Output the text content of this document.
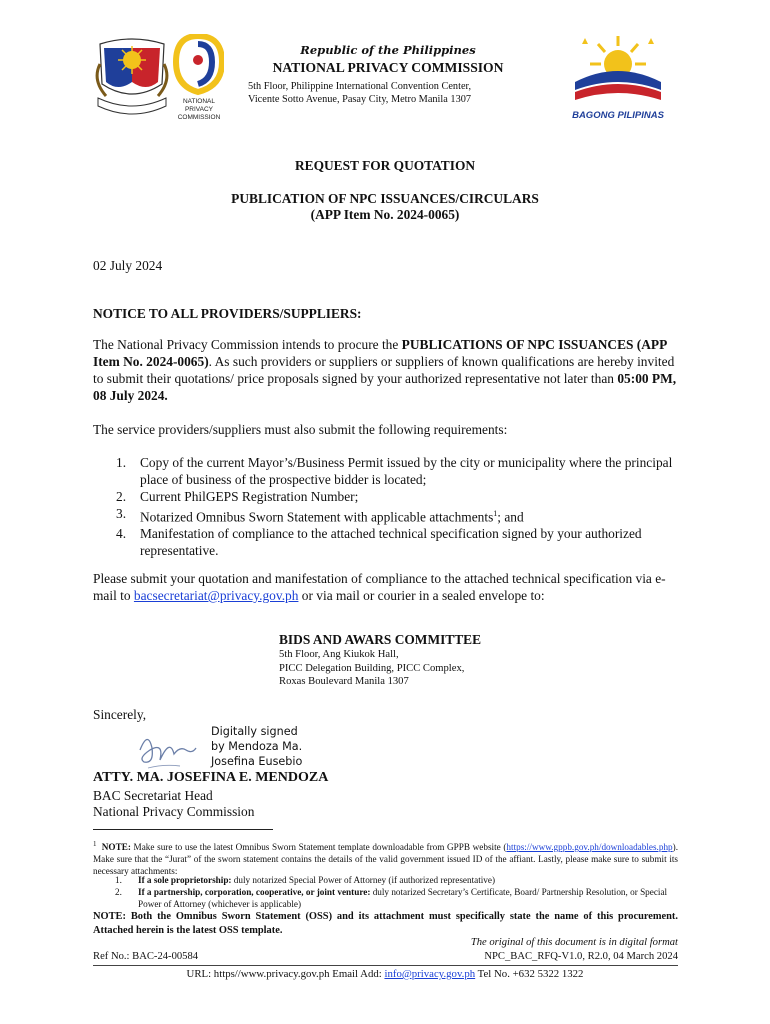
NATIONAL
PRIVACY
COMMISSION
Republic of the Philippines
NATIONAL PRIVACY COMMISSION
5th Floor, Philippine International Convention Center,
Vicente Sotto Avenue, Pasay City, Metro Manila 1307
BAGONG PILIPINAS
REQUEST FOR QUOTATION
PUBLICATION OF NPC ISSUANCES/CIRCULARS
(APP Item No. 2024-0065)
02 July 2024
NOTICE TO ALL PROVIDERS/SUPPLIERS:
The National Privacy Commission intends to procure the PUBLICATIONS OF NPC ISSUANCES (APP Item No. 2024-0065). As such providers or suppliers or suppliers of known qualifications are hereby invited to submit their quotations/ price proposals signed by your authorized representative not later than 05:00 PM, 08 July 2024.
The service providers/suppliers must also submit the following requirements:
1. Copy of the current Mayor’s/Business Permit issued by the city or municipality where the principal place of business of the prospective bidder is located;
2. Current PhilGEPS Registration Number;
3. Notarized Omnibus Sworn Statement with applicable attachments$^1$; and
4. Manifestation of compliance to the attached technical specification signed by your authorized representative.
Please submit your quotation and manifestation of compliance to the attached technical specification via e-mail to bacsecretariat@privacy.gov.ph or via mail or courier in a sealed envelope to:
BIDS AND AWARS COMMITTEE
5th Floor, Ang Kiukok Hall,
PICC Delegation Building, PICC Complex,
Roxas Boulevard Manila 1307
Sincerely,
Digitally signed
by Mendoza Ma.
Josefina Eusebio
ATTY. MA. JOSEFINA E. MENDOZA
BAC Secretariat Head
National Privacy Commission
$^1$ NOTE: Make sure to use the latest Omnibus Sworn Statement template downloadable from GPPB website (https://www.gppb.gov.ph/downloadables.php). Make sure that the “Jurat” of the sworn statement contains the details of the valid government issued ID of the affiant. Lastly, please make sure to submit its necessary attachments:
1. If a sole proprietorship: duly notarized Special Power of Attorney (if authorized representative)
2. If a partnership, corporation, cooperative, or joint venture: duly notarized Secretary’s Certificate, Board/ Partnership Resolution, or Special Power of Attorney (whichever is applicable)
NOTE: Both the Omnibus Sworn Statement (OSS) and its attachment must specifically state the name of this procurement. Attached herein is the latest OSS template.
The original of this document is in digital format
Ref No.: BAC-24-00584	NPC_BAC_RFQ-V1.0, R2.0, 04 March 2024
URL: https//www.privacy.gov.ph Email Add: info@privacy.gov.ph Tel No. +632 5322 1322
